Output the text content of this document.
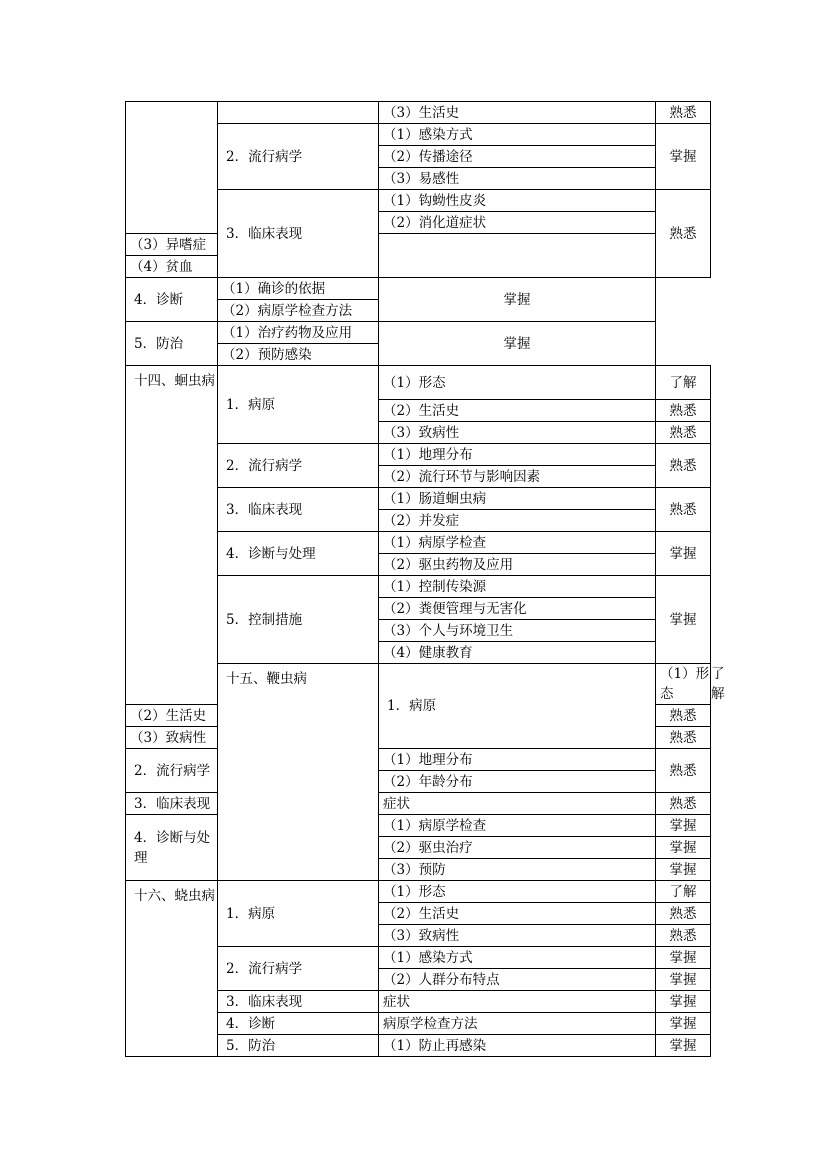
		（3）生活史	熟悉	
	2．流行病学	（1）感染方式	掌握	
		（2）传播途径		
		（3）易感性		
	3．临床表现	（1）钩蚴性皮炎	熟悉	
		（2）消化道症状		
（3）异嗜症				
（4）贫血				
4．诊断	（1）确诊的依据	掌握		
	（2）病原学检查方法			
5．防治	（1）治疗药物及应用	掌握		
	（2）预防感染			
十四、蛔虫病	1．病原	（1）形态	了解	
		（2）生活史	熟悉	
		（3）致病性	熟悉	
	2．流行病学	（1）地理分布	熟悉	
		（2）流行环节与影响因素		
	3．临床表现	（1）肠道蛔虫病	熟悉	
		（2）并发症		
	4．诊断与处理	（1）病原学检查	掌握	
		（2）驱虫药物及应用		
	5．控制措施	（1）控制传染源	掌握	
		（2）粪便管理与无害化		
		（3）个人与环境卫生		
		（4）健康教育		
	十五、鞭虫病	1．病原	（1）形态	了解
（2）生活史			熟悉	
（3）致病性			熟悉	
2．流行病学		（1）地理分布	熟悉	
		（2）年龄分布		
3．临床表现		症状	熟悉	
4．诊断与处理		（1）病原学检查	掌握	
		（2）驱虫治疗	掌握	
		（3）预防	掌握	
十六、蛲虫病	1．病原	（1）形态	了解	
		（2）生活史	熟悉	
		（3）致病性	熟悉	
	2．流行病学	（1）感染方式	掌握	
		（2）人群分布特点	掌握	
	3．临床表现	症状	掌握	
	4．诊断	病原学检查方法	掌握	
	5．防治	（1）防止再感染	掌握	
